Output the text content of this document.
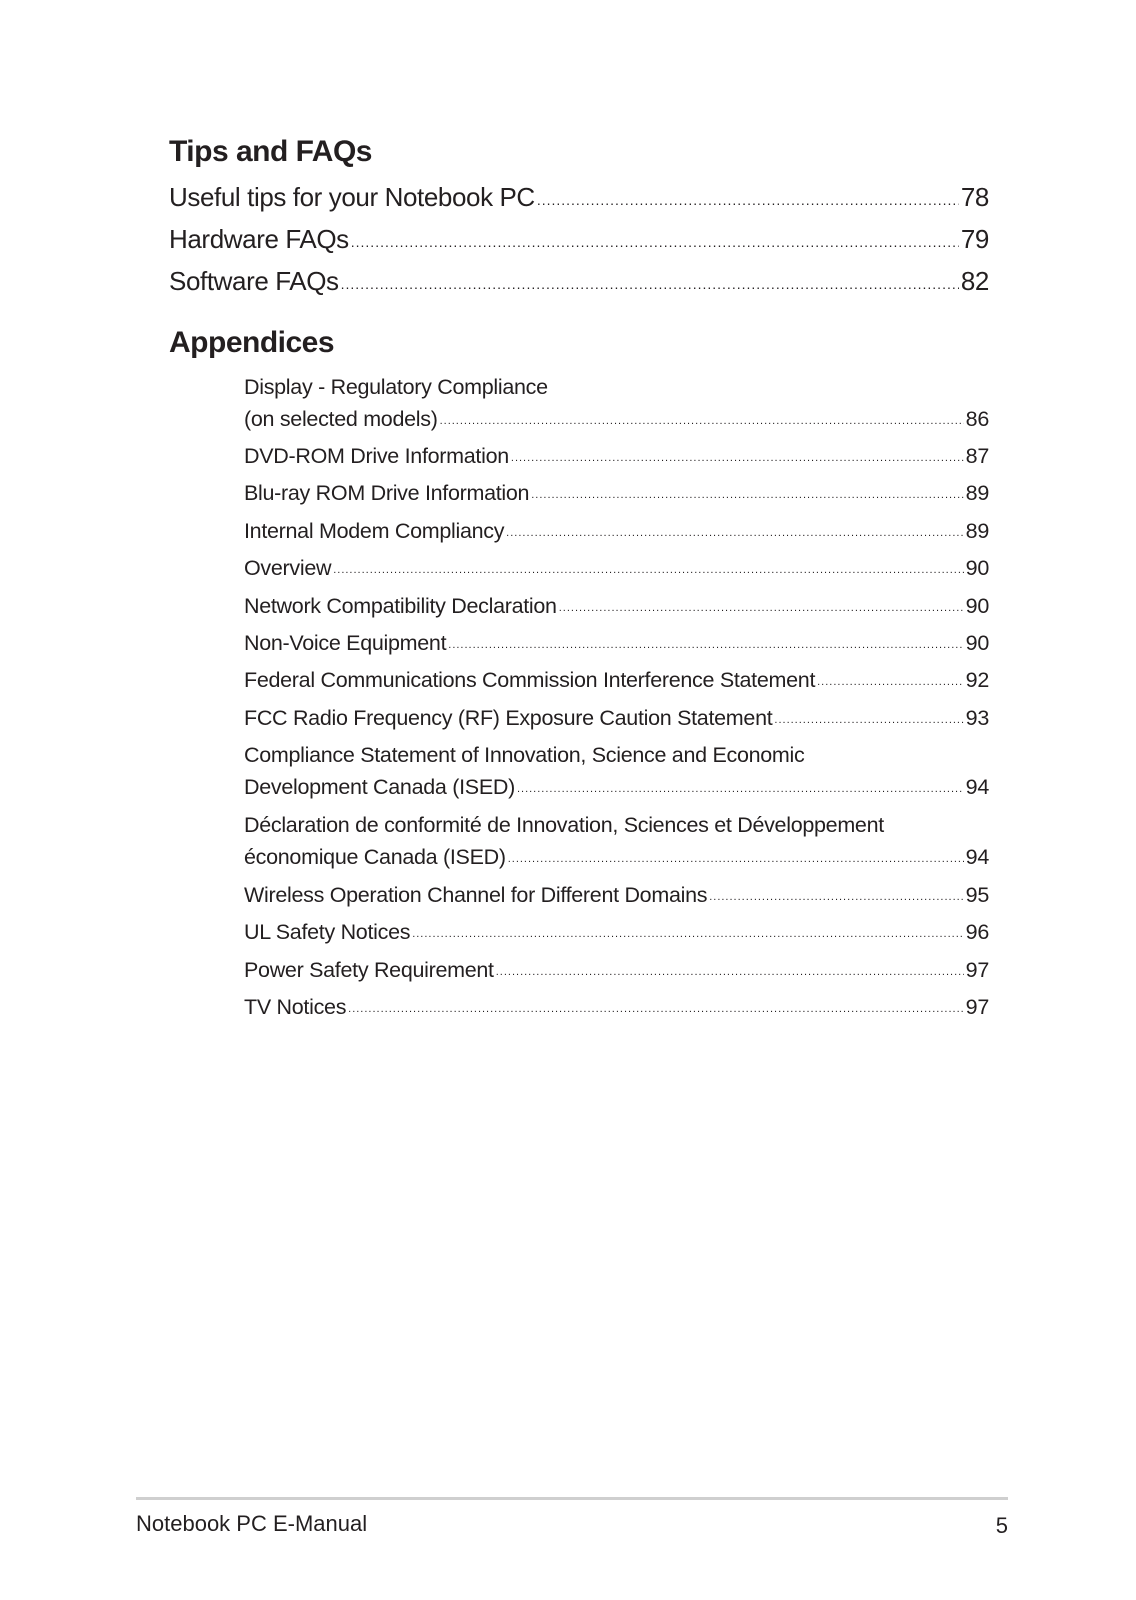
Tips and FAQs
Useful tips for your Notebook PC .....	78
Hardware FAQs .....	79
Software FAQs .....	82
Appendices
Display - Regulatory Compliance
(on selected models) .....	86
DVD-ROM Drive Information .....	87
Blu-ray ROM Drive Information .....	89
Internal Modem Compliancy .....	89
Overview .....	90
Network Compatibility Declaration .....	90
Non-Voice Equipment .....	90
Federal Communications Commission Interference Statement .....	92
FCC Radio Frequency (RF) Exposure Caution Statement .....	93
Compliance Statement of Innovation, Science and Economic
Development Canada (ISED) .....	94
Déclaration de conformité de Innovation, Sciences et Développement
économique Canada (ISED) .....	94
Wireless Operation Channel for Different Domains .....	95
UL Safety Notices .....	96
Power Safety Requirement .....	97
TV Notices .....	97
Notebook PC E-Manual	5
